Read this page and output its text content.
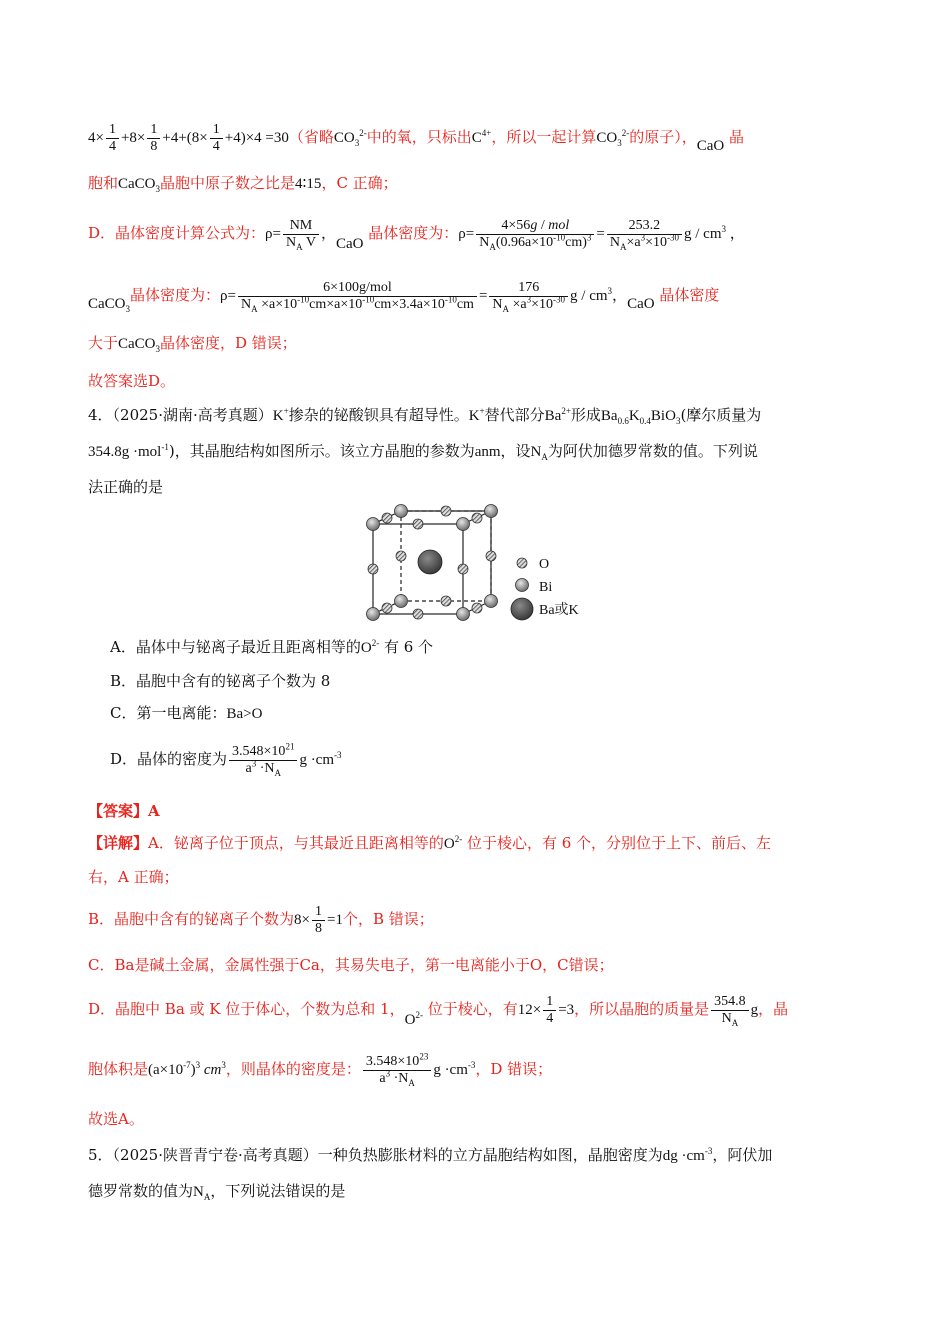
$4\times \frac{1}{4} +8\times \frac{1}{8} +4+(8\times \frac{1}{4} +4)\times 4 =30$（省略$CO_3^{2-}$中的氧，只标出$C^{4+}$，所以一起计算$CO_3^{2-}$的原子），CaO 晶
胞和CaCO$_3$晶胞中原子数之比是4∶15，C 正确；
D．晶体密度计算公式为：$\rho= \frac{NM}{N_A V}$ ，CaO 晶体密度为：$\rho= \frac{\text{4×56g / mol}}{N_A(0.96a\times 10^{-10}cm)^3} = \frac{253.2}{N_A\times a^3\times 10^{-30}}$ g / $cm^3$ ，
CaCO$_3$晶体密度为：$\rho= \frac{\text{6×100g/mol}}{N_A \times a\times 10^{-10}cm\times a\times 10^{-10}cm\times 3.4a\times 10^{-10}cm} = \frac{176}{N_A \times a^3\times 10^{-30}}$ g / $cm^3$，CaO 晶体密度
大于CaCO$_3$晶体密度，D 错误；
故答案选D。
4．（2025·湖南·高考真题）K+掺杂的铋酸钡具有超导性。K+替代部分$Ba^{2+}$形成$Ba_{0.6}K_{0.4}BiO_3$(摩尔质量为
354.8g ·mol$^{-1}$)，其晶胞结构如图所示。该立方晶胞的参数为anm，设$N_A$为阿伏加德罗常数的值。下列说
法正确的是
O
Bi
Ba或K
A．晶体中与铋离子最近且距离相等的$O^{2-}$ 有 6 个
B．晶胞中含有的铋离子个数为 8
C．第一电离能：Ba>O
D．晶体的密度为 $\frac{3.548\times 10^{21}}{a^3 \cdot N_A}$ $g \cdot cm^{-3}$
【答案】A
【详解】A．铋离子位于顶点，与其最近且距离相等的$O^{2-}$ 位于棱心，有 6 个，分别位于上下、前后、左
右，A 正确；
B．晶胞中含有的铋离子个数为$8\times \frac{1}{8} =1$个，B 错误；
C．Ba是碱土金属，金属性强于Ca，其易失电子，第一电离能小于O，C错误；
D．晶胞中 Ba 或 K 位于体心，个数为总和 1，$O^{2-}$ 位于棱心，有$12\times \frac{1}{4} =3$，所以晶胞的质量是 $\frac{354.8}{N_A}$ g，晶
胞体积是$(a\times 10^{-7})^3$ $cm^3$，则晶体的密度是： $\frac{3.548\times 10^{23}}{a^3 \cdot N_A}$ $g \cdot cm^{-3}$，D 错误；
故选A。
5．（2025·陕晋青宁卷·高考真题）一种负热膨胀材料的立方晶胞结构如图，晶胞密度为dg $\cdot cm^{-3}$，阿伏加
德罗常数的值为$N_A$，下列说法错误的是
